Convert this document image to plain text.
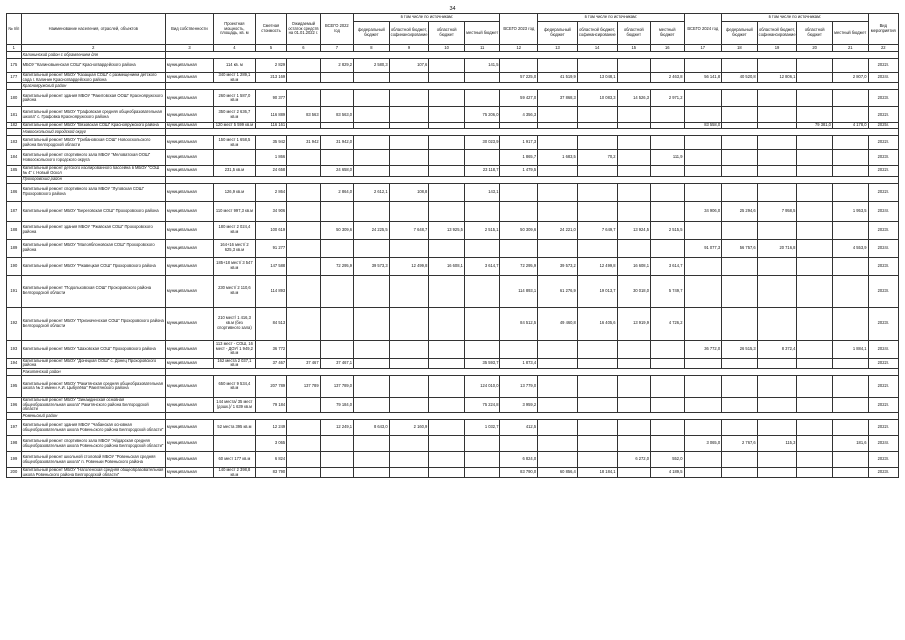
34
№ п/п	Наименование населения, отраслей, объектов	Вид собственности	Проектная мощность, площадь, кв. м	Сметная стоимость	Ожидаемый остаток средств на 01.01.2022 г.	ВСЕГО 2022 год	в том числе по источникам:				ВСЕГО 2023 год	в том числе по источникам:				ВСЕГО 2024 год	в том числе по источникам:				Вид мероприятия
							федеральный бюджет	областной бюджет, софинансирование	областной бюджет	местный бюджет		федеральный бюджет	областной бюджет, софинансирование	областной бюджет	местный бюджет		федеральный бюджет	областной бюджет, софинансирование	областной бюджет	местный бюджет	
1	2	3	4	5	6	7	8	9	10	11	12	13	14	15	16	17	18	19	20	21	22
	Калининский район с обрамлением для																				
175	МБОУ "Калиновыенская СОШ" Красногвардейского района	муниципальная	114 кв. м	2 829		2 829,2	2 580,3	107,6		141,5											2022г.
177	Капитальный ремонт МБОУ "Казацкая СОШ" с размещением детского сада г. Калинин Красногвардейского района	муниципальная	340 мест 1 289,1 кв.м	213 169							57 225,0	41 519,9	13 048,1		2 463,8	56 141,8	40 520,8	12 806,1		2 807,0	2024г.
	Краснояружский район																				
180	Капитальный ремонт здания МБОУ "Ракитовская ООШ" Краснояружского района	муниципальная	260 мест 1 587,0 кв.м	90 377							59 427,0	37 868,3	10 083,3	14 526,3	2 971,2						2023г.
181	Капитальный ремонт МБОУ "Графовская средняя общеобразовательная школа" с. Графовка Краснояружского района	муниципальная	350 мест 2 636,7 кв.м	116 889	83 563	83 563,0				75 206,0	4 356,3										2022г.
182	Капитальный ремонт МБОУ "Вязовская СОШ" Краснояружского района	муниципальная	120 мест 5 599 кв.м	116 161												83 558,0			79 381,0	4 178,0	2025г.
	Новооскольский городской округ																				
183	Капитальный ремонт МБОУ "Грибановская СОШ" Новооскольского района Белгородской области	муниципальная	150 мест 1 658,5 кв.м	35 942	31 942	31 942,0				30 023,9	1 917,3										2022г.
184	Капитальный ремонт спортивного зала МБОУ "Меловатская ООШ" Новооскольского городского округа	муниципальная		1 866							1 865,7	1 683,5	70,2		111,9						2023г.
185	Капитальный ремонт детского изолированного бассейна в МБОУ "СОШ № 4" г. Новый Оскол	муниципальная	231,5 кв.м	24 658		24 658,0				23 118,7	1 479,5										2022г.
	Прохоровский район																				
186	Капитальный ремонт спортивного зала МБОУ "Луговская СОШ" Прохоровского района	муниципальная	126,9 кв.м	2 864		2 864,0	2 612,1	108,8		143,1											2022г.
187	Капитальный ремонт МБОУ "Береговская СОШ" Прохоровского района	муниципальная	110 мест 997,3 кв.м	34 906												34 906,0	25 294,6	7 958,5		1 953,5	2024г.
188	Капитальный ремонт здания МБОУ "Ржавская СОШ" Прохоровского района	муниципальная	180 мест 2 024,4 кв.м	100 619		50 309,6	24 225,5	7 648,7	13 925,5	2 515,1	50 309,6	24 221,0	7 649,7	13 924,5	2 515,5						2023г.
189	Капитальный ремонт МБОУ "Малояблоновская СОШ" Прохоровского района	муниципальная	164+16 мест/ 2 625,3 кв.м	91 277												91 077,3	56 757,6	20 716,8		4 553,9	2024г.
190	Капитальный ремонт МБОУ "Ржавецкая СОШ" Прохоровского района	муниципальная	185+18 мест/ 3 547 кв.м	147 588		72 295,9	39 573,3	12 499,8	16 608,1	3 614,7	72 295,9	39 573,2	12 499,8	16 608,1	3 614,7						2023г.
191	Капитальный ремонт "Подольховская СОШ" Прохоровского района Белгородской области	муниципальная	230 мест/ 2 110,6 кв.м	114 893							114 893,1	61 276,9	19 013,7	30 018,0	5 749,7						2023г.
192	Капитальный ремонт МБОУ "Призначенская СОШ" Прохоровского района Белгородской области	муниципальная	210 мест/ 1 416,3 кв.м (без спортивного зала)	84 513							84 512,5	49 460,8	16 405,6	13 919,9	4 726,2						2023г.
193	Капитальный ремонт МБОУ "Шаховская СОШ" Прохоровского района	муниципальная	113 мест - СОШ, 16 мест - ДОУ/ 1 949,2 кв.м	36 772												36 772,0	26 515,3	8 372,4		1 884,1	2024г.
194	Капитальный ремонт МБОУ "Донецкая ООШ" с. Донец Прохоровского района	муниципальная	162 места 2 037,1 кв.м	37 467	37 467	37 467,1				35 593,7	1 873,4										2022г.
	Ракитянский район																				
195	Капитальный ремонт МБОУ "Ракитянская средняя общеобразовательная школа № 2 имени А.И. Цыбулёва" Ракитянского района	муниципальная	650 мест 9 534,4 кв.м	207 789	137 789	137 789,0				124 010,0	13 779,0										2022г.
196	Капитальный ремонт МБОУ "Зинаидинская основная общеобразовательная школа" Ракитянского района Белгородской области	муниципальная	144 места/ 35 мест (дошк.)/ 1 639 кв.м	79 184		79 184,0				75 224,8	3 959,2										2022г.
	Ровеньский район																				
197	Капитальный ремонт здания МБОУ "Чабанская основная общеобразовательная школа Ровеньского района Белгородской области"	муниципальная	52 места 395 кв.м	12 249		12 249,1	8 643,0	2 160,9		1 032,7	412,5										2022г.
198	Капитальный ремонт спортивного зала МБОУ "Айдарская средняя общеобразовательная школа Ровеньского района Белгородской области"	муниципальная		3 065												3 065,0	2 767,6	115,3		181,6	2024г.
199	Капитальный ремонт школьной столовой МБОУ "Ровеньская средняя общеобразовательная школа" п. Ровеньки Ровеньского района	муниципальная	60 мест 177 кв.м	6 824							6 824,0			6 272,0	552,0						2023г.
200	Капитальный ремонт МБОУ "Наголенская средняя общеобразовательная школа Ровеньского района Белгородской области"	муниципальная	140 мест 2 398,8 кв.м	83 790							83 790,0	60 856,4	18 184,1		4 189,5						2023г.
